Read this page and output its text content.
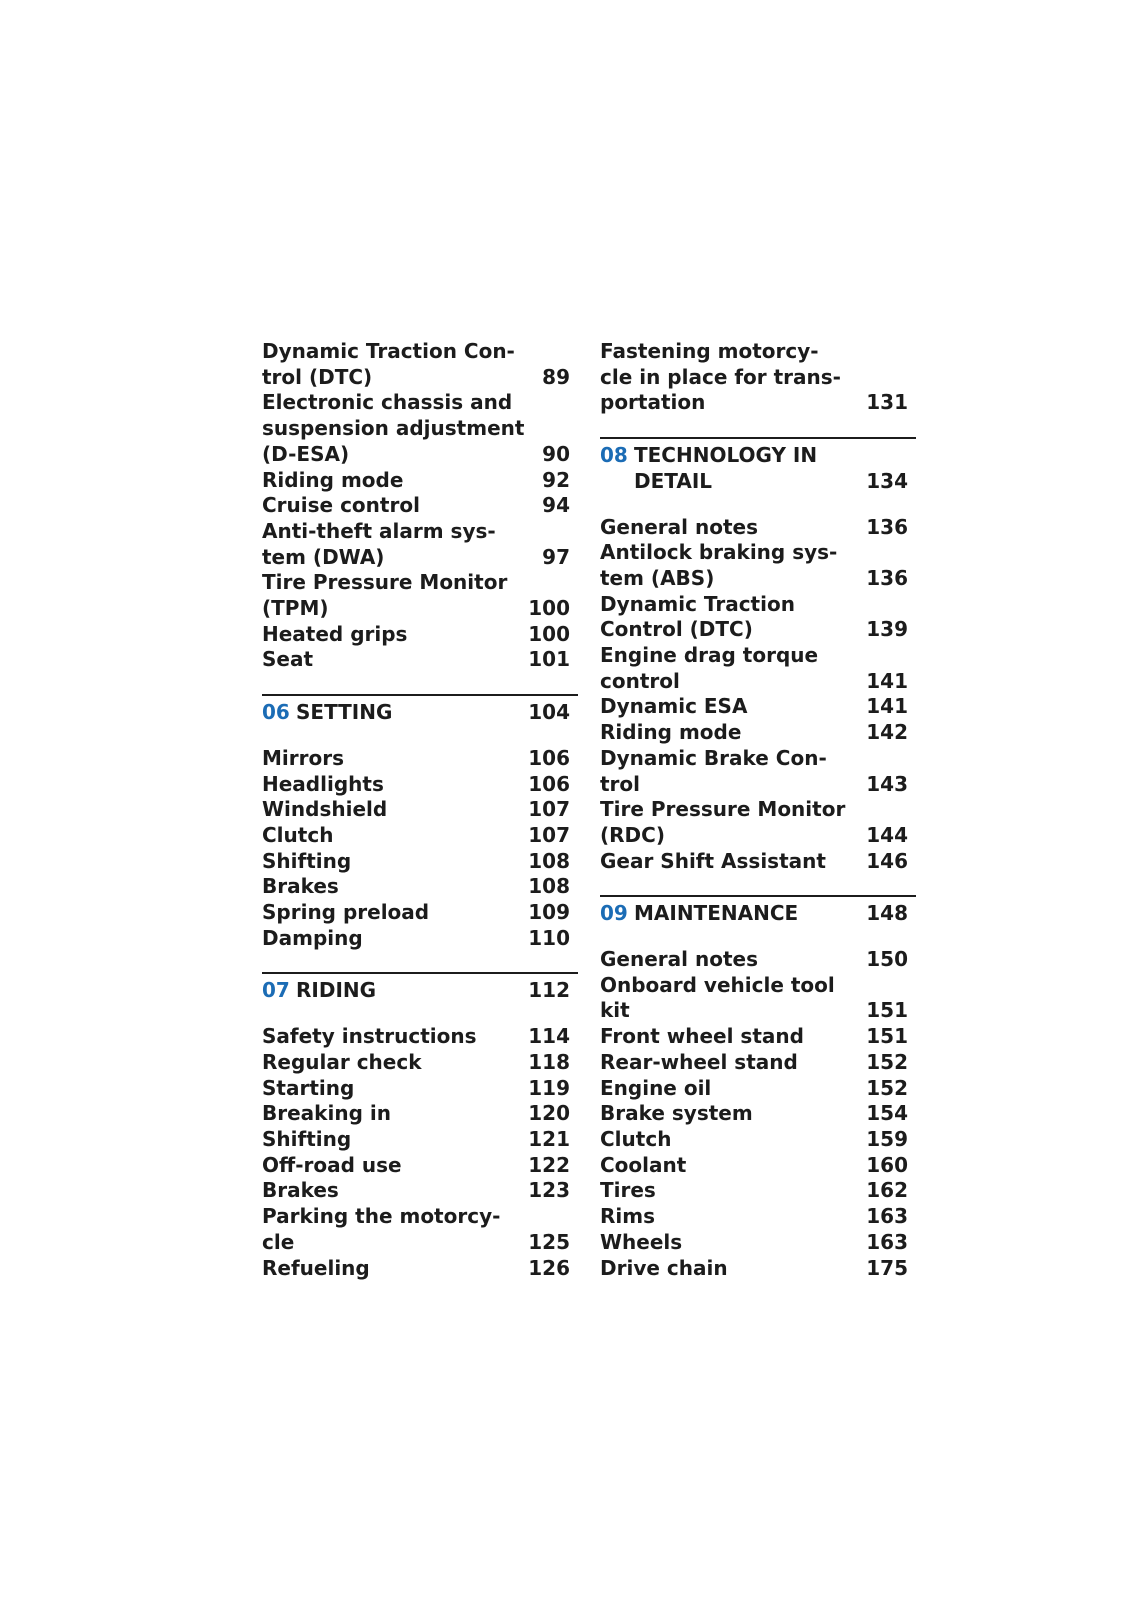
Dynamic Traction Con-
trol (DTC)	89
Electronic chassis and
suspension adjustment
(D-ESA)	90
Riding mode	92
Cruise control	94
Anti-theft alarm sys-
tem (DWA)	97
Tire Pressure Monitor
(TPM)	100
Heated grips	100
Seat	101
06 SETTING	104
Mirrors	106
Headlights	106
Windshield	107
Clutch	107
Shifting	108
Brakes	108
Spring preload	109
Damping	110
07 RIDING	112
Safety instructions	114
Regular check	118
Starting	119
Breaking in	120
Shifting	121
Off-road use	122
Brakes	123
Parking the motorcy-
cle	125
Refueling	126
Fastening motorcy-
cle in place for trans-
portation	131
08 TECHNOLOGY IN
DETAIL	134
General notes	136
Antilock braking sys-
tem (ABS)	136
Dynamic Traction
Control (DTC)	139
Engine drag torque
control	141
Dynamic ESA	141
Riding mode	142
Dynamic Brake Con-
trol	143
Tire Pressure Monitor
(RDC)	144
Gear Shift Assistant	146
09 MAINTENANCE	148
General notes	150
Onboard vehicle tool
kit	151
Front wheel stand	151
Rear-wheel stand	152
Engine oil	152
Brake system	154
Clutch	159
Coolant	160
Tires	162
Rims	163
Wheels	163
Drive chain	175
